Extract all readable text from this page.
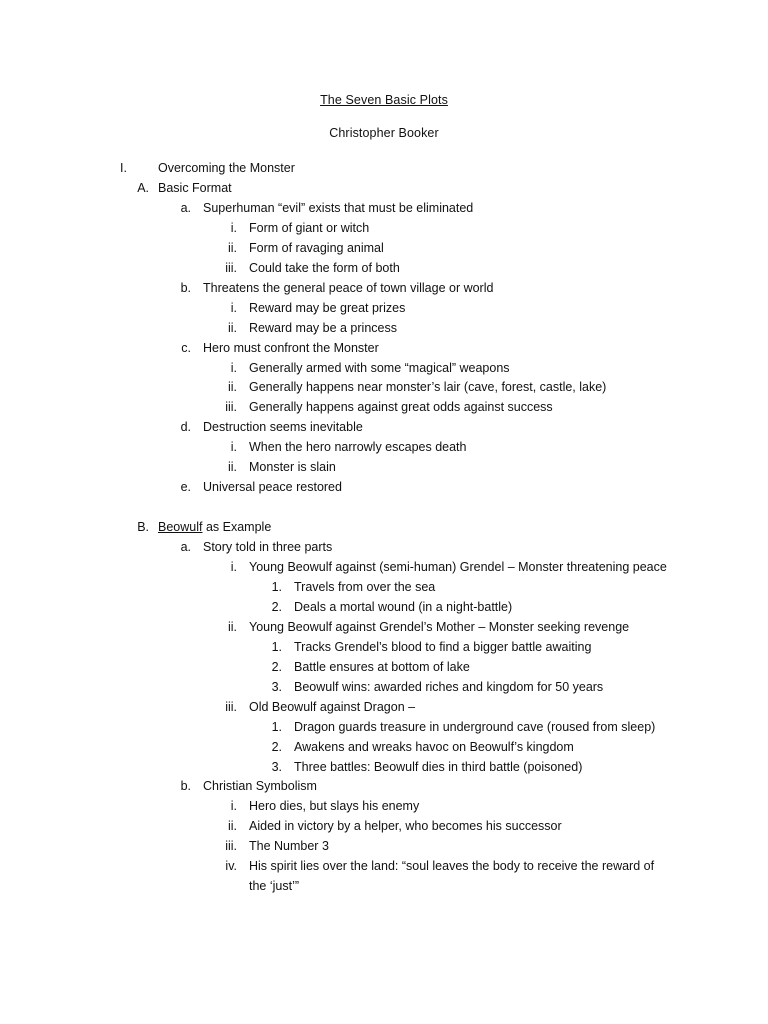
The Seven Basic Plots
Christopher Booker
I. Overcoming the Monster
A. Basic Format
a. Superhuman “evil” exists that must be eliminated
i. Form of giant or witch
ii. Form of ravaging animal
iii. Could take the form of both
b. Threatens the general peace of town village or world
i. Reward may be great prizes
ii. Reward may be a princess
c. Hero must confront the Monster
i. Generally armed with some “magical” weapons
ii. Generally happens near monster’s lair (cave, forest, castle, lake)
iii. Generally happens against great odds against success
d. Destruction seems inevitable
i. When the hero narrowly escapes death
ii. Monster is slain
e. Universal peace restored
B. Beowulf as Example
a. Story told in three parts
i. Young Beowulf against (semi-human) Grendel – Monster threatening peace
1. Travels from over the sea
2. Deals a mortal wound (in a night-battle)
ii. Young Beowulf against Grendel’s Mother – Monster seeking revenge
1. Tracks Grendel’s blood to find a bigger battle awaiting
2. Battle ensures at bottom of lake
3. Beowulf wins: awarded riches and kingdom for 50 years
iii. Old Beowulf against Dragon –
1. Dragon guards treasure in underground cave (roused from sleep)
2. Awakens and wreaks havoc on Beowulf’s kingdom
3. Three battles: Beowulf dies in third battle (poisoned)
b. Christian Symbolism
i. Hero dies, but slays his enemy
ii. Aided in victory by a helper, who becomes his successor
iii. The Number 3
iv. His spirit lies over the land: “soul leaves the body to receive the reward of
the ‘just’”
